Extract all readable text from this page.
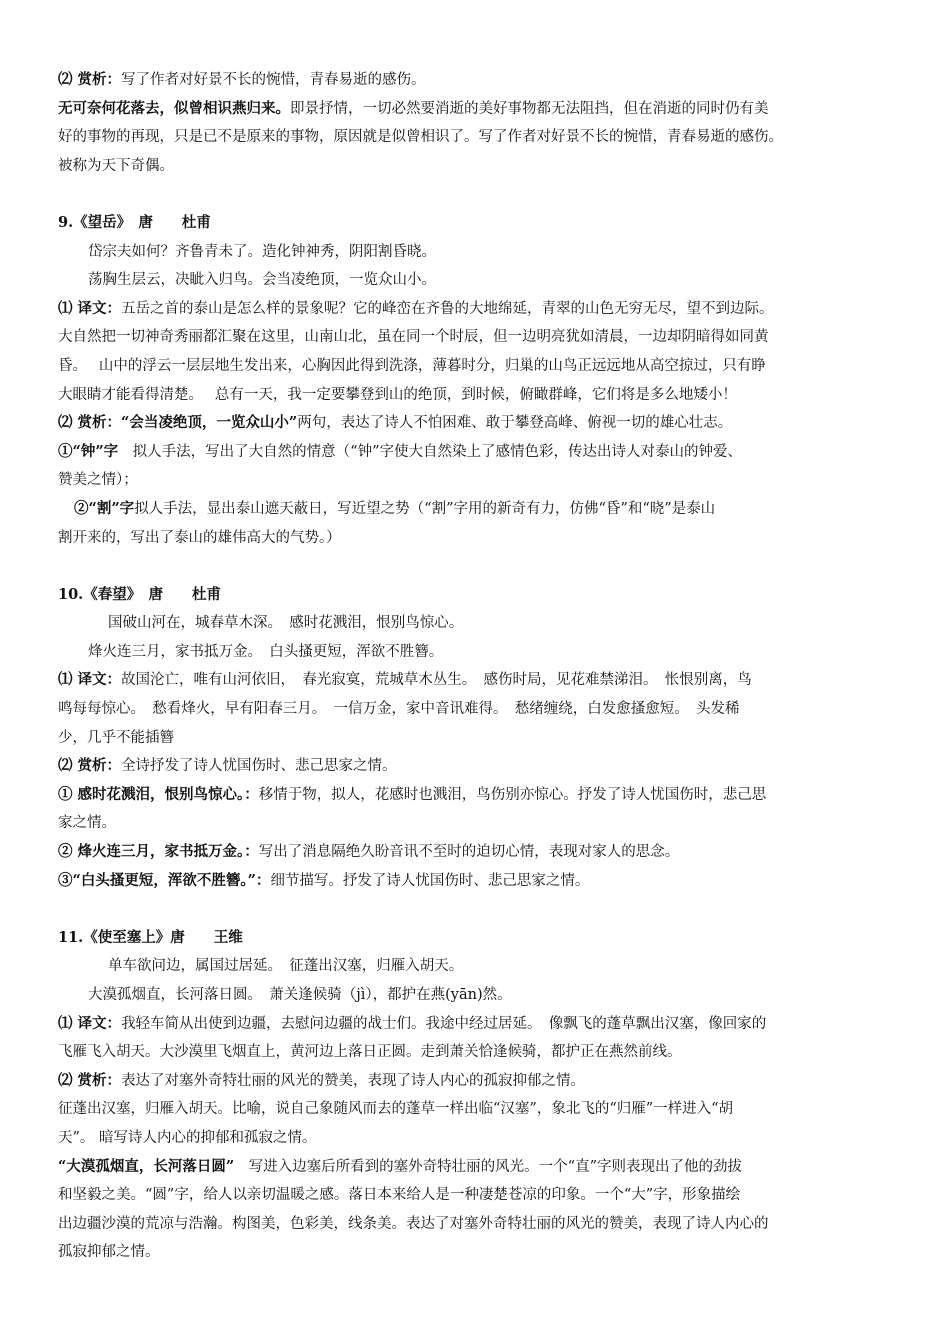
⑵ 赏析：写了作者对好景不长的惋惜，青春易逝的感伤。
无可奈何花落去，似曾相识燕归来。即景抒情，一切必然要消逝的美好事物都无法阻挡，但在消逝的同时仍有美
好的事物的再现，只是已不是原来的事物，原因就是似曾相识了。写了作者对好景不长的惋惜，青春易逝的感伤。
被称为天下奇偶。
9.《望岳》　唐　　杜甫
岱宗夫如何？齐鲁青未了。造化钟神秀，阴阳割昏晓。
荡胸生层云，决眦入归鸟。会当凌绝顶，一览众山小。
⑴ 译文：五岳之首的泰山是怎么样的景象呢？它的峰峦在齐鲁的大地绵延，青翠的山色无穷无尽，望不到边际。
大自然把一切神奇秀丽都汇聚在这里，山南山北，虽在同一个时辰，但一边明亮犹如清晨，一边却阴暗得如同黄
昏。　 山中的浮云一层层地生发出来，心胸因此得到洗涤，薄暮时分，归巢的山鸟正远远地从高空掠过，只有睁
大眼睛才能看得清楚。　 总有一天，我一定要攀登到山的绝顶，到时候，俯瞰群峰，它们将是多么地矮小！
⑵ 赏析：“会当凌绝顶，一览众山小”两句，表达了诗人不怕困难、敢于攀登高峰、俯视一切的雄心壮志。
①“钟”字　拟人手法，写出了大自然的情意（“钟”字使大自然染上了感情色彩，传达出诗人对泰山的钟爱、
赞美之情）；
②“割”字拟人手法，显出泰山遮天蔽日，写近望之势（“割”字用的新奇有力，仿佛“昏”和“晓”是泰山
割开来的，写出了泰山的雄伟高大的气势。）
10.《春望》　唐　　杜甫
国破山河在，城春草木深。　感时花溅泪，恨别鸟惊心。
烽火连三月，家书抵万金。　白头搔更短，浑欲不胜簪。
⑴ 译文：故国沦亡，唯有山河依旧，　春光寂寞，荒城草木丛生。　感伤时局，见花难禁涕泪。　怅恨别离，鸟
鸣每每惊心。　愁看烽火，早有阳春三月。　一信万金，家中音讯难得。　愁绪缠绕，白发愈搔愈短。　头发稀
少，几乎不能插簪
⑵ 赏析：全诗抒发了诗人忧国伤时、悲己思家之情。
① 感时花溅泪，恨别鸟惊心。：移情于物，拟人，花感时也溅泪，鸟伤别亦惊心。抒发了诗人忧国伤时，悲己思
家之情。
② 烽火连三月，家书抵万金。：写出了消息隔绝久盼音讯不至时的迫切心情，表现对家人的思念。
③“白头搔更短，浑欲不胜簪。”：细节描写。抒发了诗人忧国伤时、悲己思家之情。
11.《使至塞上》唐　　王维
单车欲问边，属国过居延。　征蓬出汉塞，归雁入胡天。
大漠孤烟直，长河落日圆。　萧关逢候骑（jì），都护在燕(yān)然。
⑴ 译文：我轻车简从出使到边疆，去慰问边疆的战士们。我途中经过居延。　像飘飞的蓬草飘出汉塞，像回家的
飞雁飞入胡天。大沙漠里飞烟直上，黄河边上落日正圆。走到萧关恰逢候骑，都护正在燕然前线。
⑵ 赏析：表达了对塞外奇特壮丽的风光的赞美，表现了诗人内心的孤寂抑郁之情。
征蓬出汉塞，归雁入胡天。比喻，说自己象随风而去的蓬草一样出临“汉塞”，象北飞的“归雁”一样进入“胡
天”。 暗写诗人内心的抑郁和孤寂之情。
“大漠孤烟直，长河落日圆”　写进入边塞后所看到的塞外奇特壮丽的风光。一个“直”字则表现出了他的劲拔
和坚毅之美。“圆”字，给人以亲切温暖之感。落日本来给人是一种凄楚苍凉的印象。一个“大”字，形象描绘
出边疆沙漠的荒凉与浩瀚。构图美，色彩美，线条美。表达了对塞外奇特壮丽的风光的赞美，表现了诗人内心的
孤寂抑郁之情。
